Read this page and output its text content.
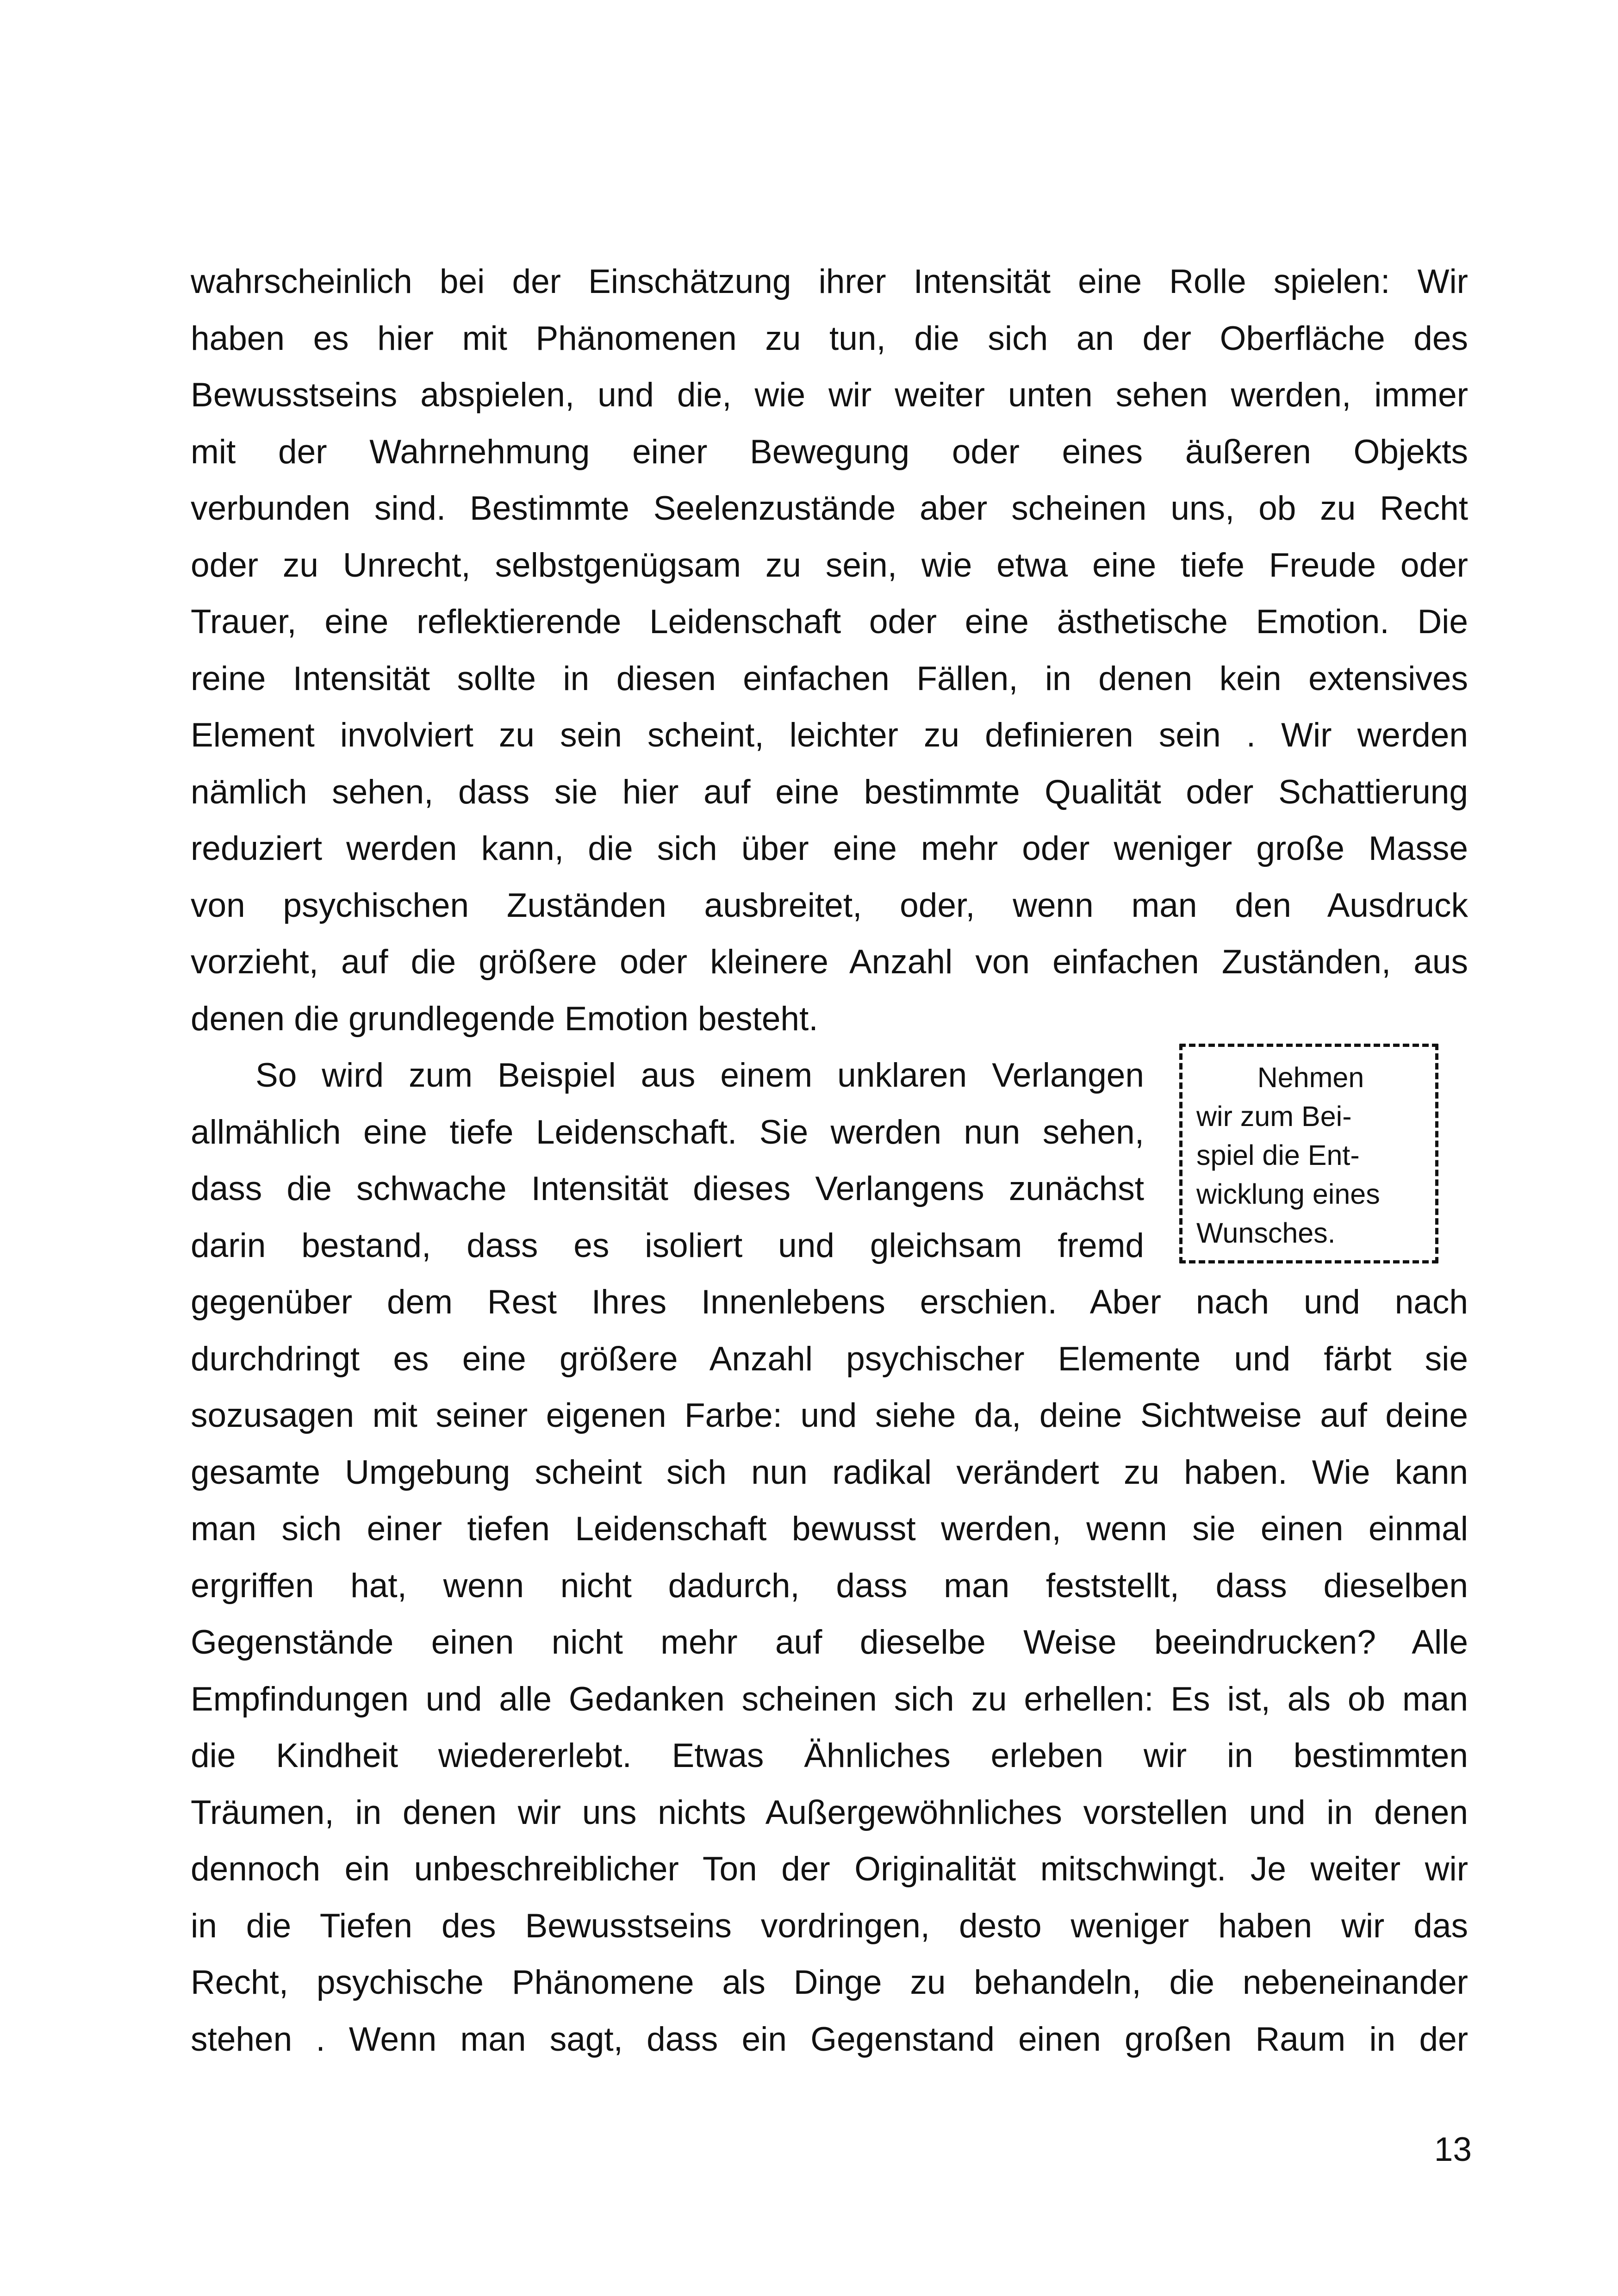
wahrscheinlich bei der Einschätzung ihrer Intensität eine Rolle spielen: Wir
haben es hier mit Phänomenen zu tun, die sich an der Oberfläche des
Bewusstseins abspielen, und die, wie wir weiter unten sehen werden, immer
mit der Wahrnehmung einer Bewegung oder eines äußeren Objekts
verbunden sind. Bestimmte Seelenzustände aber scheinen uns, ob zu Recht
oder zu Unrecht, selbstgenügsam zu sein, wie etwa eine tiefe Freude oder
Trauer, eine reflektierende Leidenschaft oder eine ästhetische Emotion. Die
reine Intensität sollte in diesen einfachen Fällen, in denen kein extensives
Element involviert zu sein scheint, leichter zu definieren sein . Wir werden
nämlich sehen, dass sie hier auf eine bestimmte Qualität oder Schattierung
reduziert werden kann, die sich über eine mehr oder weniger große Masse
von psychischen Zuständen ausbreitet, oder, wenn man den Ausdruck
vorzieht, auf die größere oder kleinere Anzahl von einfachen Zuständen, aus
denen die grundlegende Emotion besteht.
So wird zum Beispiel aus einem unklaren Verlangen
allmählich eine tiefe Leidenschaft. Sie werden nun sehen,
dass die schwache Intensität dieses Verlangens zunächst
darin bestand, dass es isoliert und gleichsam fremd
gegenüber dem Rest Ihres Innenlebens erschien. Aber nach und nach
durchdringt es eine größere Anzahl psychischer Elemente und färbt sie
sozusagen mit seiner eigenen Farbe: und siehe da, deine Sichtweise auf deine
gesamte Umgebung scheint sich nun radikal verändert zu haben. Wie kann
man sich einer tiefen Leidenschaft bewusst werden, wenn sie einen einmal
ergriffen hat, wenn nicht dadurch, dass man feststellt, dass dieselben
Gegenstände einen nicht mehr auf dieselbe Weise beeindrucken? Alle
Empfindungen und alle Gedanken scheinen sich zu erhellen: Es ist, als ob man
die Kindheit wiedererlebt. Etwas Ähnliches erleben wir in bestimmten
Träumen, in denen wir uns nichts Außergewöhnliches vorstellen und in denen
dennoch ein unbeschreiblicher Ton der Originalität mitschwingt. Je weiter wir
in die Tiefen des Bewusstseins vordringen, desto weniger haben wir das
Recht, psychische Phänomene als Dinge zu behandeln, die nebeneinander
stehen . Wenn man sagt, dass ein Gegenstand einen großen Raum in der
Nehmen
wir zum Bei-
spiel die Ent-
wicklung eines
Wunsches.
13
